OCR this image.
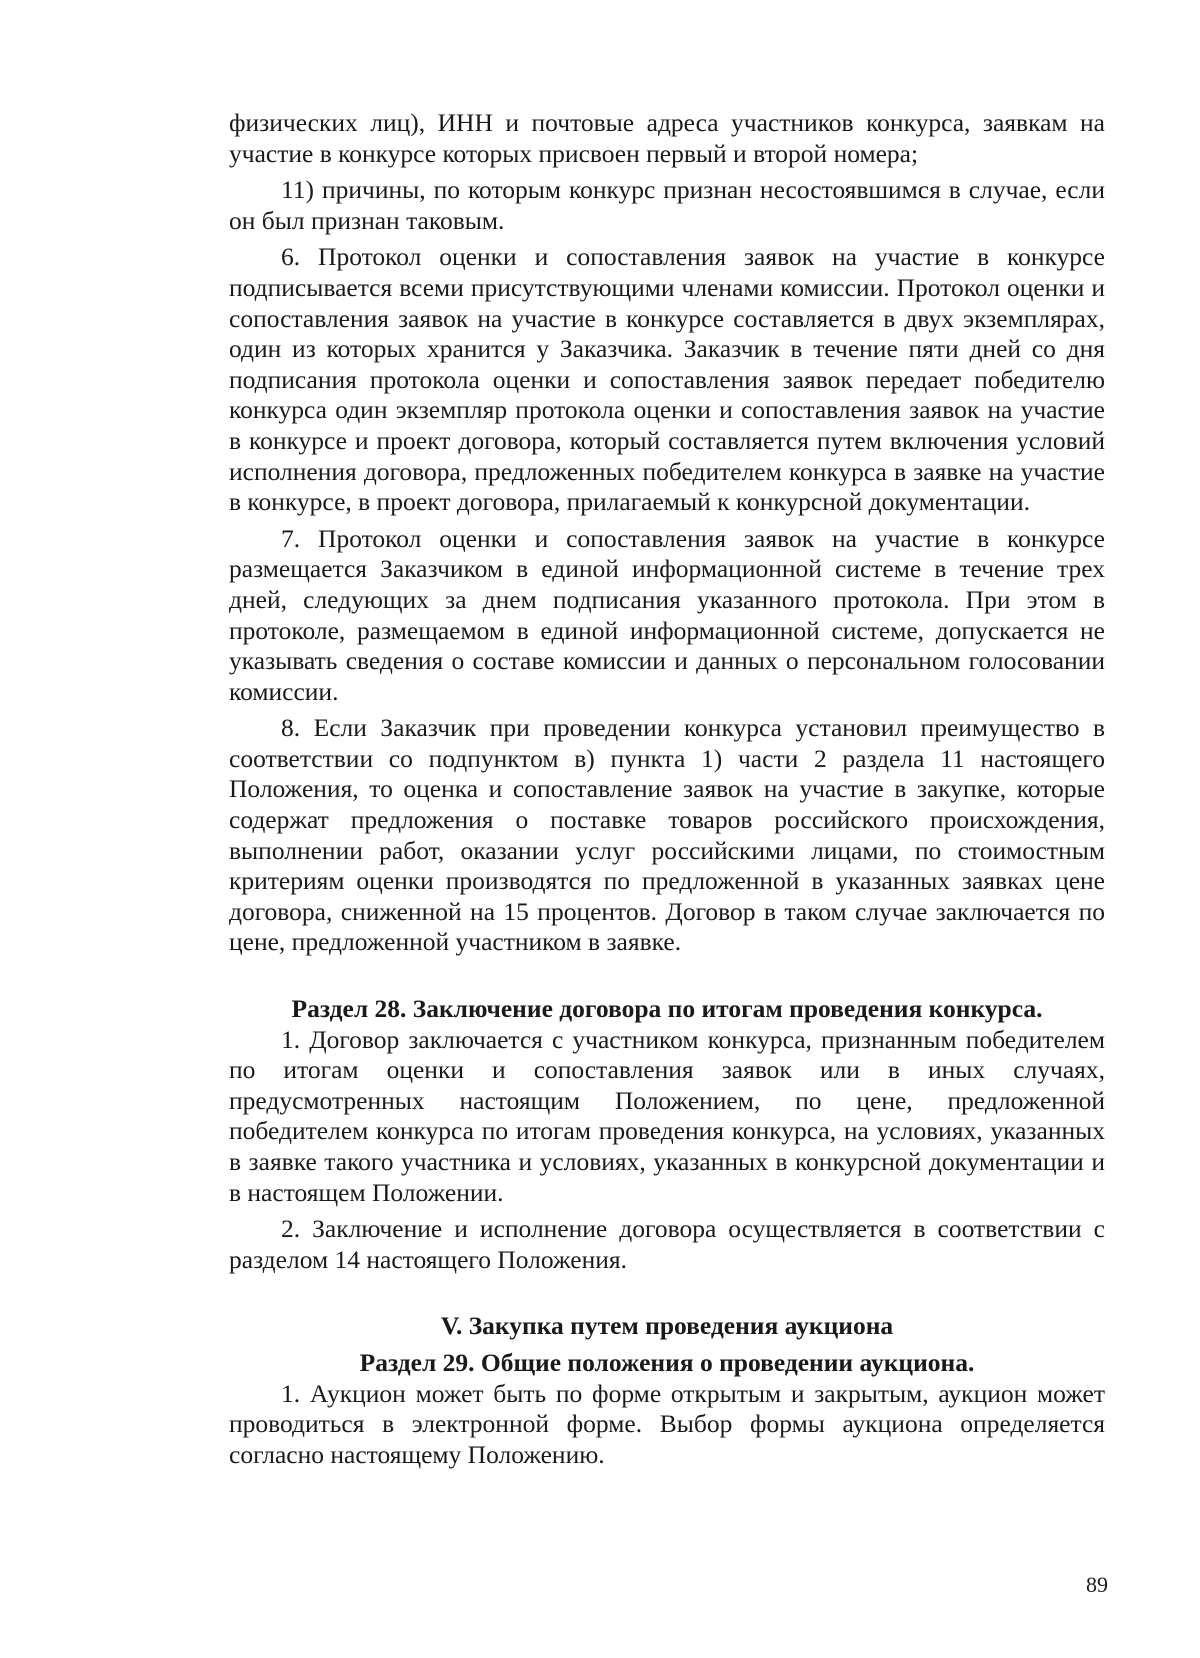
физических лиц), ИНН и почтовые адреса участников конкурса, заявкам на участие в конкурсе которых присвоен первый и второй номера;

11) причины, по которым конкурс признан несостоявшимся в случае, если он был признан таковым.

6. Протокол оценки и сопоставления заявок на участие в конкурсе подписывается всеми присутствующими членами комиссии. Протокол оценки и сопоставления заявок на участие в конкурсе составляется в двух экземплярах, один из которых хранится у Заказчика. Заказчик в течение пяти дней со дня подписания протокола оценки и сопоставления заявок передает победителю конкурса один экземпляр протокола оценки и сопоставления заявок на участие в конкурсе и проект договора, который составляется путем включения условий исполнения договора, предложенных победителем конкурса в заявке на участие в конкурсе, в проект договора, прилагаемый к конкурсной документации.

7. Протокол оценки и сопоставления заявок на участие в конкурсе размещается Заказчиком в единой информационной системе в течение трех дней, следующих за днем подписания указанного протокола. При этом в протоколе, размещаемом в единой информационной системе, допускается не указывать сведения о составе комиссии и данных о персональном голосовании комиссии.

8. Если Заказчик при проведении конкурса установил преимущество в соответствии со подпунктом в) пункта 1) части 2 раздела 11 настоящего Положения, то оценка и сопоставление заявок на участие в закупке, которые содержат предложения о поставке товаров российского происхождения, выполнении работ, оказании услуг российскими лицами, по стоимостным критериям оценки производятся по предложенной в указанных заявках цене договора, сниженной на 15 процентов. Договор в таком случае заключается по цене, предложенной участником в заявке.

Раздел 28. Заключение договора по итогам проведения конкурса.

1. Договор заключается с участником конкурса, признанным победителем по итогам оценки и сопоставления заявок или в иных случаях, предусмотренных настоящим Положением, по цене, предложенной победителем конкурса по итогам проведения конкурса, на условиях, указанных в заявке такого участника и условиях, указанных в конкурсной документации и в настоящем Положении.

2. Заключение и исполнение договора осуществляется в соответствии с разделом 14 настоящего Положения.

V. Закупка путем проведения аукциона
Раздел 29. Общие положения о проведении аукциона.

1. Аукцион может быть по форме открытым и закрытым, аукцион может проводиться в электронной форме. Выбор формы аукциона определяется согласно настоящему Положению.

89
